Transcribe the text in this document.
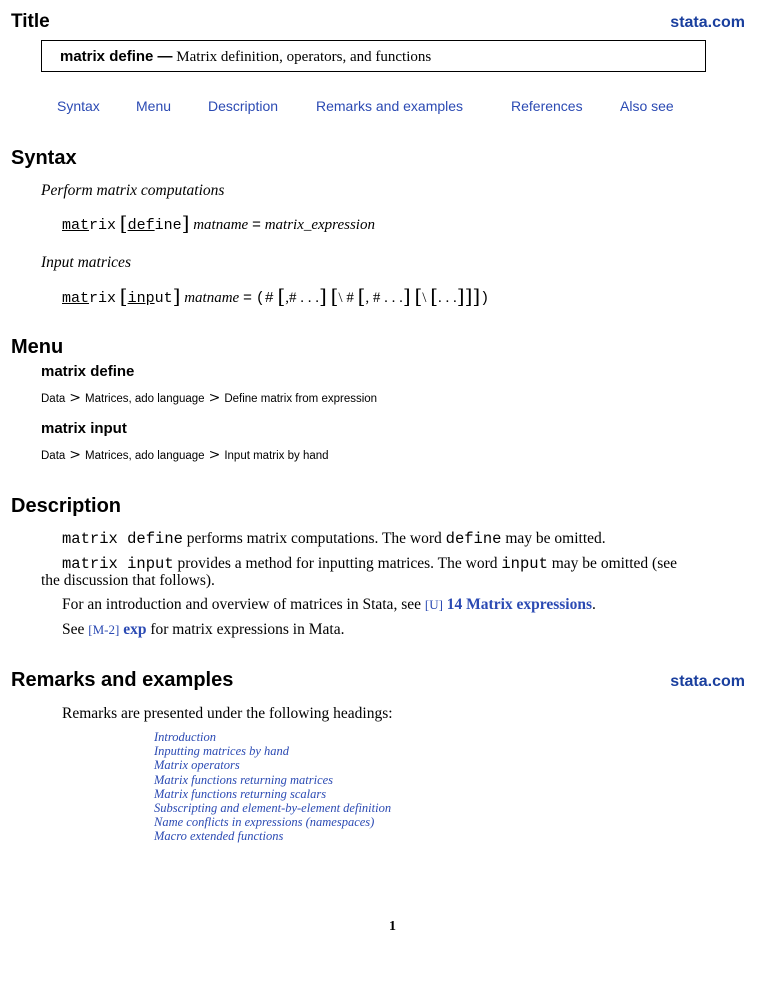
Title	stata.com
matrix define — Matrix definition, operators, and functions
Syntax	Menu	Description	Remarks and examples	References	Also see
Syntax
Perform matrix computations
matrix [define] matname = matrix_expression
Input matrices
matrix [input] matname = (# [,# . . .] [\ # [, # . . .] [\ [. . .]]])
Menu
matrix define
Data > Matrices, ado language > Define matrix from expression
matrix input
Data > Matrices, ado language > Input matrix by hand
Description
matrix define performs matrix computations. The word define may be omitted.
matrix input provides a method for inputting matrices. The word input may be omitted (see
the discussion that follows).
For an introduction and overview of matrices in Stata, see [U] 14 Matrix expressions.
See [M-2] exp for matrix expressions in Mata.
Remarks and examples	stata.com
Remarks are presented under the following headings:
Introduction
Inputting matrices by hand
Matrix operators
Matrix functions returning matrices
Matrix functions returning scalars
Subscripting and element-by-element definition
Name conflicts in expressions (namespaces)
Macro extended functions
1
